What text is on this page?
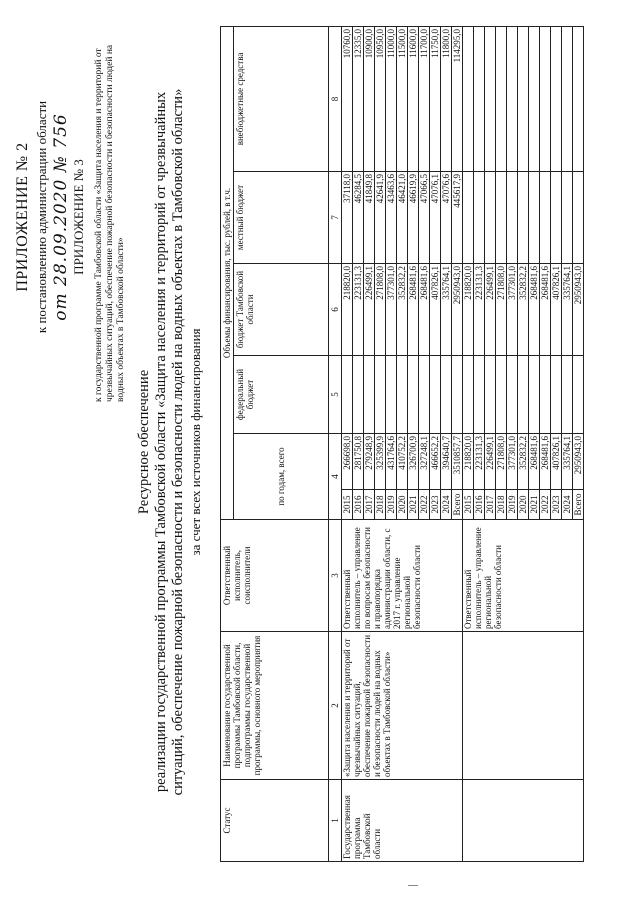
ПРИЛОЖЕНИЕ № 2 к постановлению администрации области от 28.09.2020 № 756 ПРИЛОЖЕНИЕ № 3 к государственной программе Тамбовской области «Защита населения и территорий от чрезвычайных ситуаций, обеспечение пожарной безопасности и безопасности людей на водных объектах в Тамбовской области»
Ресурсное обеспечение реализации государственной программы Тамбовской области «Защита населения и территорий от чрезвычайных ситуаций, обеспечение пожарной безопасности и безопасности людей на водных объектах в Тамбовской области» за счет всех источников финансирования
Статус	Наименование государственной программы Тамбовской области, подпрограммы государственной программы, основного мероприятия	Ответственный исполнитель, соисполнители	Объемы финансирования, тыс. рублей, в т.ч.					
			по годам, всего		федеральный бюджет	бюджет Тамбовской области	местный бюджет	внебюджетные средства
1	2	3	4		5	6	7	8
Государственная программа Тамбовской области	«Защита населения и территорий от чрезвычайных ситуаций, обеспечение пожарной безопасности и безопасности людей на водных объектах в Тамбовской области»	Ответственный исполнитель – управление по вопросам безопасности и правопорядка администрации области, с 2017 г. управление региональной безопасности области	2015	266698,0		218820,0	37118,0	10760,0
			2016	281750,8		223131,3	46284,5	12335,0
			2017	279248,9		226499,1	41849,8	10900,0
			2018	325399,9		271808,0	42641,9	10950,0
			2019	431764,6		377301,0	43463,6	11000,0
			2020	410752,2		352832,2	46421,0	11500,0
			2021	326700,9		268481,6	46619,9	11600,0
			2022	327248,1		268481,6	47066,5	11700,0
			2023	466652,2		407826,1	47076,1	11750,0
			2024	394640,7		335764,1	47076,6	11800,0
			Всего	3510857,7		2950943,0	445617,9	114295,0
		Ответственный исполнитель – управление региональной безопасности области	2015	218820,0		218820,0		
			2016	223131,3		223131,3		
			2017	226499,1		226499,1		
			2018	271808,0		271808,0		
			2019	377301,0		377301,0		
			2020	352832,2		352832,2		
			2021	268481,6		268481,6		
			2022	268481,6		268481,6		
			2023	407826,1		407826,1		
			2024	335764,1		335764,1		
			Всего	2950943,0		2950943,0		
